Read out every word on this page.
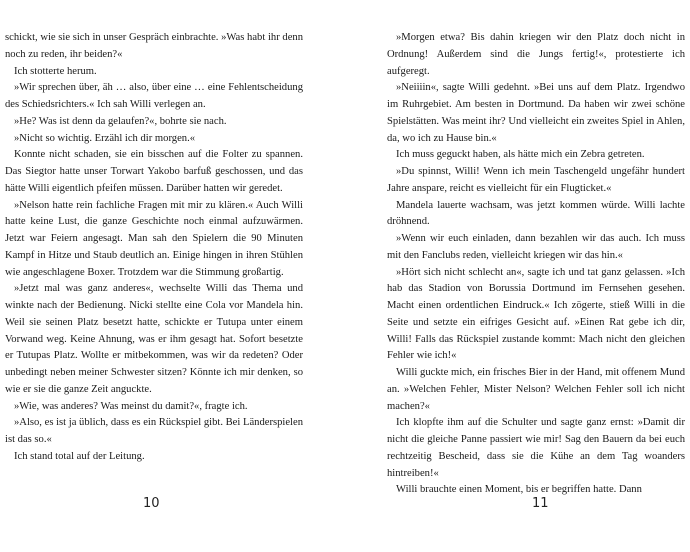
schickt, wie sie sich in unser Gespräch einbrachte. »Was habt ihr denn noch zu reden, ihr beiden?«

Ich stotterte herum.

»Wir sprechen über, äh … also, über eine … eine Fehlentscheidung des Schiedsrichters.« Ich sah Willi verlegen an.

»He? Was ist denn da gelaufen?«, bohrte sie nach.

»Nicht so wichtig. Erzähl ich dir morgen.«

Konnte nicht schaden, sie ein bisschen auf die Folter zu spannen. Das Siegtor hatte unser Torwart Yakobo barfuß geschossen, und das hätte Willi eigentlich pfeifen müssen. Darüber hatten wir geredet.

»Nelson hatte rein fachliche Fragen mit mir zu klären.« Auch Willi hatte keine Lust, die ganze Geschichte noch einmal aufzuwärmen. Jetzt war Feiern angesagt. Man sah den Spielern die 90 Minuten Kampf in Hitze und Staub deutlich an. Einige hingen in ihren Stühlen wie angeschlagene Boxer. Trotzdem war die Stimmung großartig.

»Jetzt mal was ganz anderes«, wechselte Willi das Thema und winkte nach der Bedienung. Nicki stellte eine Cola vor Mandela hin. Weil sie seinen Platz besetzt hatte, schickte er Tutupa unter einem Vorwand weg. Keine Ahnung, was er ihm gesagt hat. Sofort besetzte er Tutupas Platz. Wollte er mitbekommen, was wir da redeten? Oder unbedingt neben meiner Schwester sitzen? Könnte ich mir denken, so wie er sie die ganze Zeit anguckte.

»Wie, was anderes? Was meinst du damit?«, fragte ich.

»Also, es ist ja üblich, dass es ein Rückspiel gibt. Bei Länderspielen ist das so.«

Ich stand total auf der Leitung.

»Morgen etwa? Bis dahin kriegen wir den Platz doch nicht in Ordnung! Außerdem sind die Jungs fertig!«, protestierte ich aufgeregt.

»Neiiiin«, sagte Willi gedehnt. »Bei uns auf dem Platz. Irgendwo im Ruhrgebiet. Am besten in Dortmund. Da haben wir zwei schöne Spielstätten. Was meint ihr? Und vielleicht ein zweites Spiel in Ahlen, da, wo ich zu Hause bin.«

Ich muss geguckt haben, als hätte mich ein Zebra getreten.

»Du spinnst, Willi! Wenn ich mein Taschengeld ungefähr hundert Jahre anspare, reicht es vielleicht für ein Flugticket.«

Mandela lauerte wachsam, was jetzt kommen würde. Willi lachte dröhnend.

»Wenn wir euch einladen, dann bezahlen wir das auch. Ich muss mit den Fanclubs reden, vielleicht kriegen wir das hin.«

»Hört sich nicht schlecht an«, sagte ich und tat ganz gelassen. »Ich hab das Stadion von Borussia Dortmund im Fernsehen gesehen. Macht einen ordentlichen Eindruck.« Ich zögerte, stieß Willi in die Seite und setzte ein eifriges Gesicht auf. »Einen Rat gebe ich dir, Willi! Falls das Rückspiel zustande kommt: Mach nicht den gleichen Fehler wie ich!«

Willi guckte mich, ein frisches Bier in der Hand, mit offenem Mund an. »Welchen Fehler, Mister Nelson? Welchen Fehler soll ich nicht machen?«

Ich klopfte ihm auf die Schulter und sagte ganz ernst: »Damit dir nicht die gleiche Panne passiert wie mir! Sag den Bauern da bei euch rechtzeitig Bescheid, dass sie die Kühe an dem Tag woanders hintreiben!«

Willi brauchte einen Moment, bis er begriffen hatte. Dann

10	11
